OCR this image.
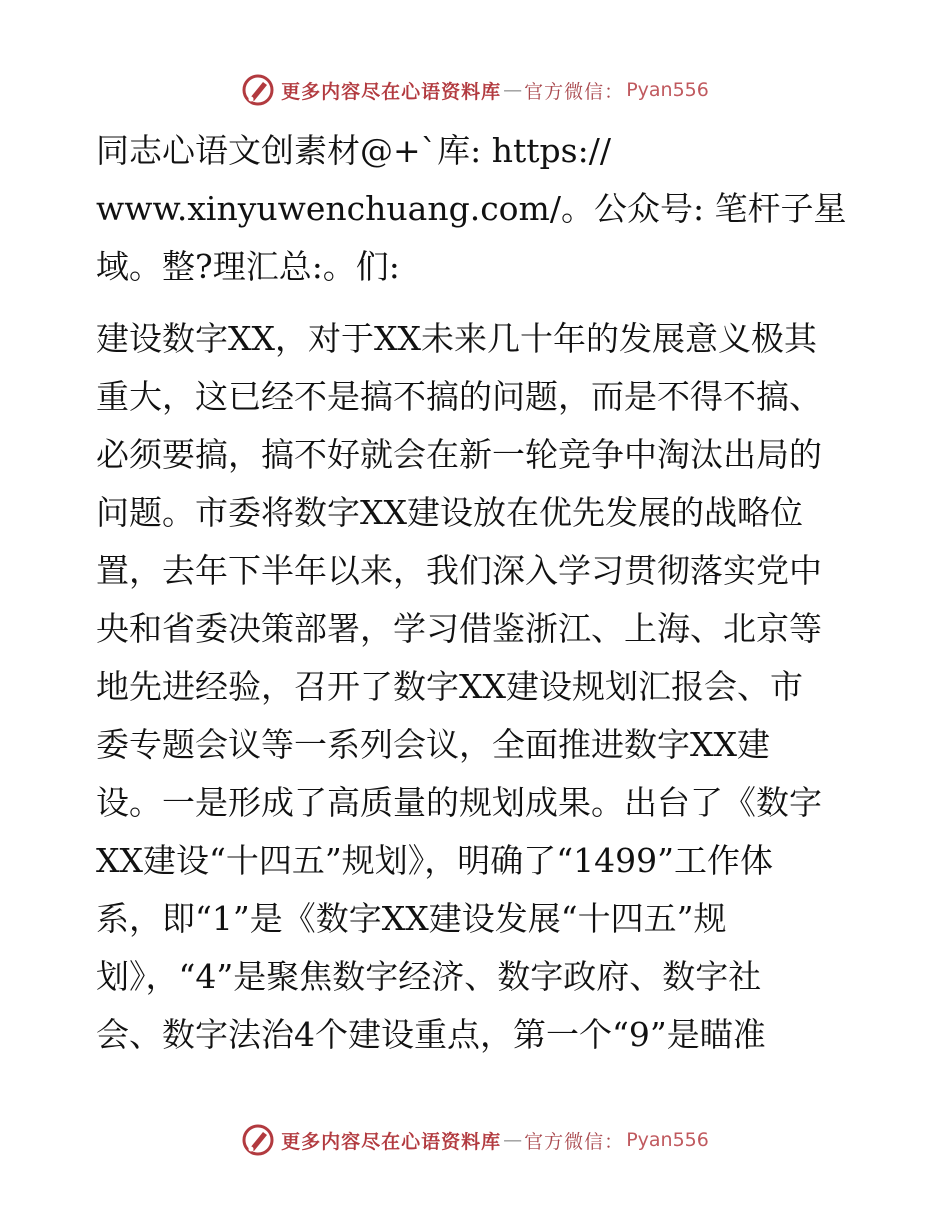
更多内容尽在心语资料库 — 官方微信： Pyan556
同志心语文创素材@+`库: https://
www.xinyuwenchuang.com/。公众号: 笔杆子星
域。整?理汇总:。们:
建设数字XX，对于XX未来几十年的发展意义极其
重大，这已经不是搞不搞的问题，而是不得不搞、
必须要搞，搞不好就会在新一轮竞争中淘汰出局的
问题。市委将数字XX建设放在优先发展的战略位
置，去年下半年以来，我们深入学习贯彻落实党中
央和省委决策部署，学习借鉴浙江、上海、北京等
地先进经验，召开了数字XX建设规划汇报会、市
委专题会议等一系列会议，全面推进数字XX建
设。一是形成了高质量的规划成果。出台了《数字
XX建设“十四五”规划》，明确了“1499”工作体
系，即“1”是《数字XX建设发展“十四五”规
划》，“4”是聚焦数字经济、数字政府、数字社
会、数字法治4个建设重点，第一个“9”是瞄准
更多内容尽在心语资料库 — 官方微信： Pyan556
